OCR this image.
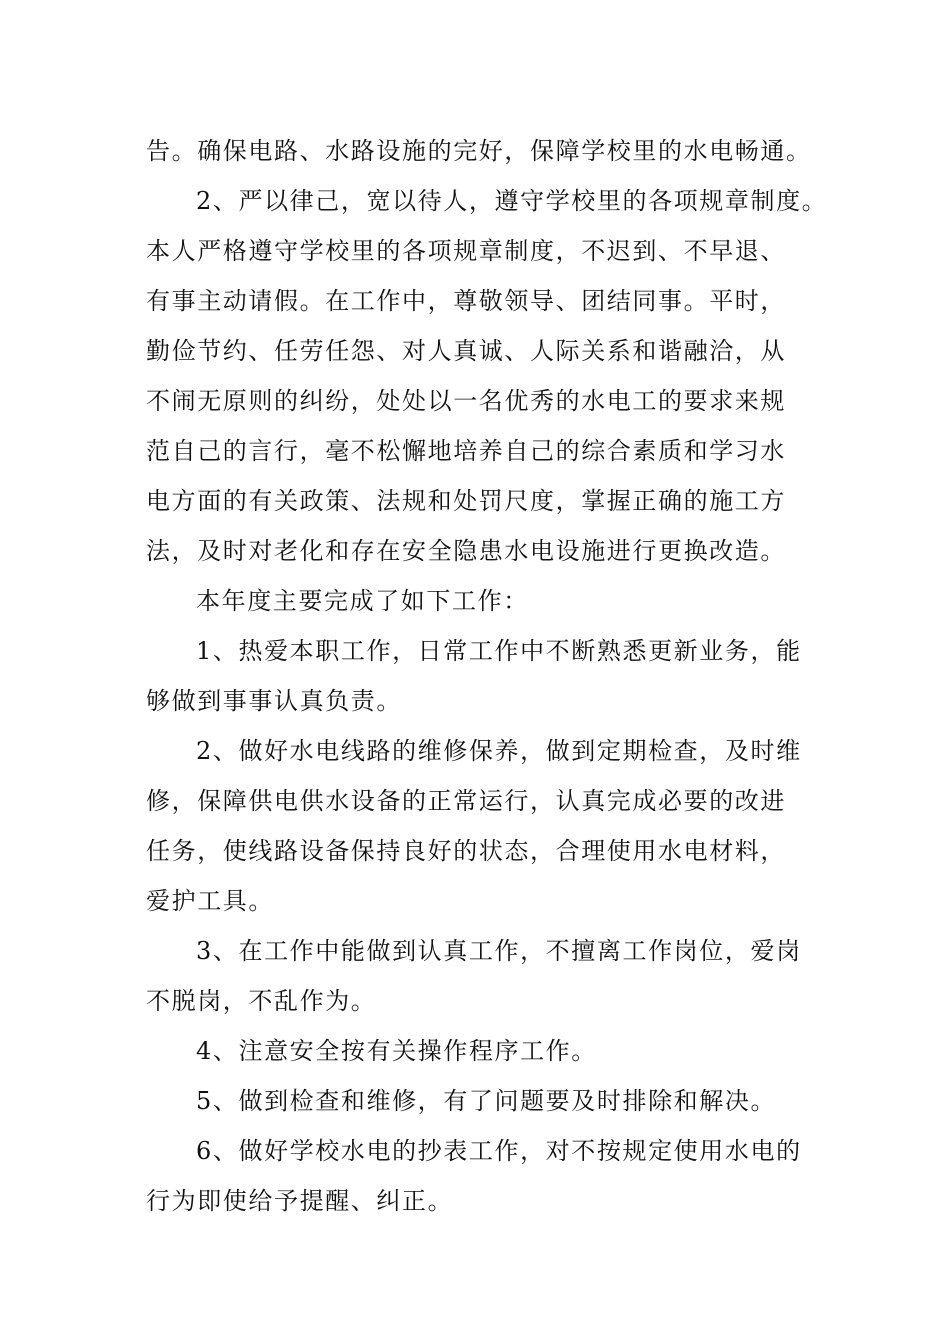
告。确保电路、水路设施的完好，保障学校里的水电畅通。
2、严以律己，宽以待人，遵守学校里的各项规章制度。
本人严格遵守学校里的各项规章制度，不迟到、不早退、
有事主动请假。在工作中，尊敬领导、团结同事。平时，
勤俭节约、任劳任怨、对人真诚、人际关系和谐融洽，从
不闹无原则的纠纷，处处以一名优秀的水电工的要求来规
范自己的言行，毫不松懈地培养自己的综合素质和学习水
电方面的有关政策、法规和处罚尺度，掌握正确的施工方
法，及时对老化和存在安全隐患水电设施进行更换改造。
本年度主要完成了如下工作：
1、热爱本职工作，日常工作中不断熟悉更新业务，能
够做到事事认真负责。
2、做好水电线路的维修保养，做到定期检查，及时维
修，保障供电供水设备的正常运行，认真完成必要的改进
任务，使线路设备保持良好的状态，合理使用水电材料，
爱护工具。
3、在工作中能做到认真工作，不擅离工作岗位，爱岗
不脱岗，不乱作为。
4、注意安全按有关操作程序工作。
5、做到检查和维修，有了问题要及时排除和解决。
6、做好学校水电的抄表工作，对不按规定使用水电的
行为即使给予提醒、纠正。
